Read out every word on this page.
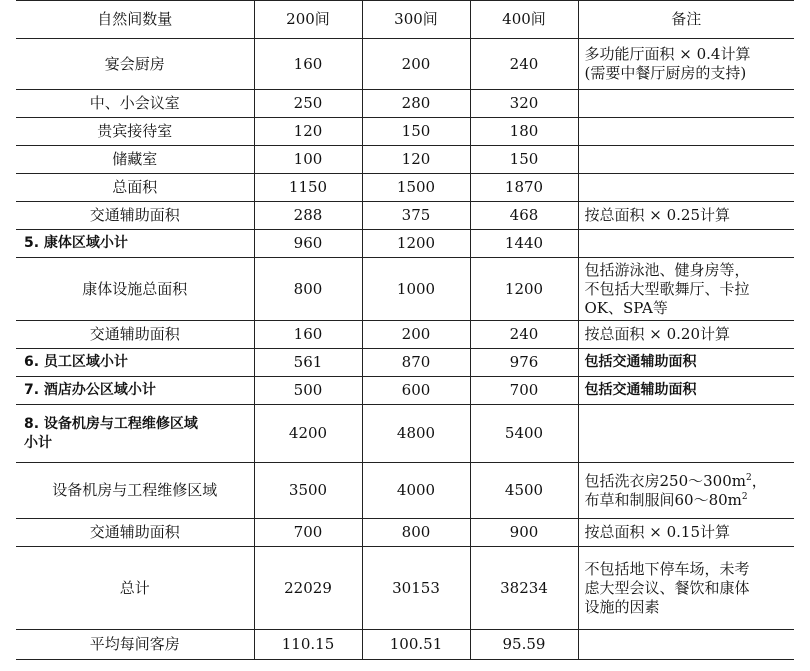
自然间数量	200间	300间	400间	备注
宴会厨房	160	200	240	多功能厅面积 × 0.4计算
(需要中餐厅厨房的支持)
中、小会议室	250	280	320	
贵宾接待室	120	150	180	
储藏室	100	120	150	
总面积	1150	1500	1870	
交通辅助面积	288	375	468	按总面积 × 0.25计算
5. 康体区域小计	960	1200	1440	
康体设施总面积	800	1000	1200	包括游泳池、健身房等，
不包括大型歌舞厅、卡拉
OK、SPA等
交通辅助面积	160	200	240	按总面积 × 0.20计算
6. 员工区域小计	561	870	976	包括交通辅助面积
7. 酒店办公区域小计	500	600	700	包括交通辅助面积
8. 设备机房与工程维修区域
小计	4200	4800	5400	
设备机房与工程维修区域	3500	4000	4500	包括洗衣房$250\sim 300m^2$，
布草和制服间$60\sim 80m^2$
交通辅助面积	700	800	900	按总面积 × 0.15计算
总计	22029	30153	38234	不包括地下停车场，未考
虑大型会议、餐饮和康体
设施的因素
平均每间客房	110.15	100.51	95.59	
